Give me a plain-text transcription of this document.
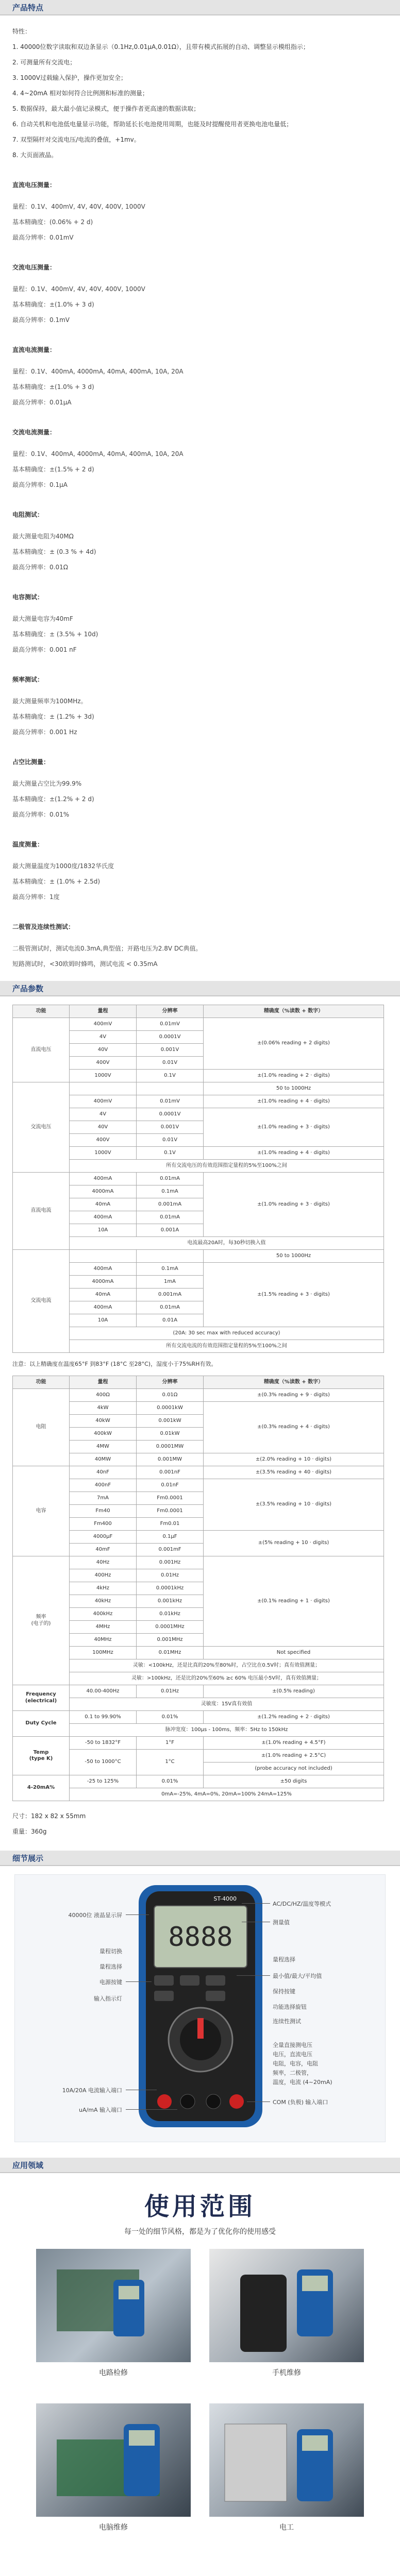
产品特点
特性：
1. 40000位数字读取和双边条显示（0.1Hz,0.01μA,0.01Ω），且带有模式拓展的自动、调整显示模组指示；
2. 可测量所有交流电；
3. 1000V过载输入保护，操作更加安全；
4. 4~20mA 相对如何符合比例测和标准的测量；
5. 数据保持，最大最小值记录模式，便于操作者更高速的数据读取；
6. 自动关机和电池低电量显示功能，帮助延长长电池使用周期，也能及时提醒使用者更换电池电量低；
7. 双型隔杆对交流电压/电流的叠值，+1mv。
8. 大页面液晶。
直流电压测量：
量程：0.1V、400mV, 4V, 40V, 400V, 1000V
基本精确度：(0.06% + 2 d)
最高分辨率：0.01mV
交流电压测量：
量程：0.1V、400mV, 4V, 40V, 400V, 1000V
基本精确度：±(1.0% + 3 d)
最高分辨率：0.1mV
直流电流测量：
量程：0.1V、400mA, 4000mA, 40mA, 400mA, 10A, 20A
基本精确度：±(1.0% + 3 d)
最高分辨率：0.01μA
交流电流测量：
量程：0.1V、400mA, 4000mA, 40mA, 400mA, 10A, 20A
基本精确度：±(1.5% + 2 d)
最高分辨率：0.1μA
电阻测试：
最大测量电阻为40MΩ
基本精确度：± (0.3 % + 4d)
最高分辨率：0.01Ω
电容测试：
最大测量电容为40mF
基本精确度：± (3.5% + 10d)
最高分辨率：0.001 nF
频率测试：
最大测量频率为100MHz。
基本精确度：± (1.2% + 3d)
最高分辨率：0.001 Hz
占空比测量：
最大测量占空比为99.9%
基本精确度：±(1.2% + 2 d)
最高分辨率：0.01%
温度测量：
最大测量温度为1000度/1832华氏度
基本精确度：± (1.0% + 2.5d)
最高分辨率：1度
二极管及连续性测试：
二极管测试时，测试电流0.3mA,典型值；开路电压为2.8V DC典值。
短路测试时，<30欧姆时蜂鸣，测试电流 < 0.35mA
产品参数
功能	量程	分辨率	精确度（%读数 + 数字）
直流电压	400mV	0.01mV	±(0.06% reading + 2 digits)
	4V	0.0001V	
	40V	0.001V	
	400V	0.01V	
	1000V	0.1V	±(1.0% reading + 2 · digits)
交流电压			50 to 1000Hz
	400mV	0.01mV	±(1.0% reading + 4 · digits)
	4V	0.0001V	±(1.0% reading + 3 · digits)
	40V	0.001V	
	400V	0.01V	
	1000V	0.1V	±(1.0% reading + 4 · digits)
	所有交流电压的有效范围指定量程的5%至100%之间		
直流电流	400mA	0.01mA	±(1.0% reading + 3 · digits)
	4000mA	0.1mA	
	40mA	0.001mA	
	400mA	0.01mA	
	10A	0.001A	
	电流最高20A时，每30秒切换入值		
交流电流			50 to 1000Hz
	400mA	0.1mA	±(1.5% reading + 3 · digits)
	4000mA	1mA	
	40mA	0.001mA	
	400mA	0.01mA	
	10A	0.01A	
	(20A: 30 sec max with reduced accuracy)		
	所有交流电流的有效范围指定量程的5%至100%之间		
注意：以上精确度在温度65°F 到83°F (18°C 至28°C)，湿度小于75%RH有效。
功能	量程	分辨率	精确度（%读数 + 数字）
电阻	400Ω	0.01Ω	±(0.3% reading + 9 · digits)
	4kW	0.0001kW	±(0.3% reading + 4 · digits)
	40kW	0.001kW	
	400kW	0.01kW	
	4MW	0.0001MW	
	40MW	0.001MW	±(2.0% reading + 10 · digits)
电容	40nF	0.001nF	±(3.5% reading + 40 · digits)
	400nF	0.01nF	±(3.5% reading + 10 · digits)
	7mA	Fm0.0001	
	Fm40	Fm0.0001	
	Fm400	Fm0.01	
	4000μF	0.1μF	±(5% reading + 10 · digits)
	40mF	0.001mF	
频率
(电子的)	40Hz	0.001Hz	±(0.1% reading + 1 · digits)
	400Hz	0.01Hz	
	4kHz	0.0001kHz	
	40kHz	0.001kHz	
	400kHz	0.01kHz	
	4MHz	0.0001MHz	
	40MHz	0.001MHz	
	100MHz	0.01MHz	Not specified
	灵敏：<100kHz，还是比真的20%至80%时，占空比在0.5V时；真有效值测量；		
	灵敏：>100kHz，还是比的20%至60% ≥c 60% 电压最小5V时，真有效值测量；		
Frequency
(electrical)	40.00-400Hz	0.01Hz	±(0.5% reading)
	灵敏度：15V真有效值		
Duty Cycle	0.1 to 99.90%	0.01%	±(1.2% reading + 2 · digits)
	脉冲宽度：100μs - 100ms，频率：5Hz to 150kHz		
Temp
(type K)	-50 to 1832°F	1°F	±(1.0% reading + 4.5°F)
	-50 to 1000°C	1°C	±(1.0% reading + 2.5°C)
			(probe accuracy not included)
4-20mA%	-25 to 125%	0.01%	±50 digits
	0mA=-25%, 4mA=0%, 20mA=100% 24mA=125%		
尺寸：182 x 82 x 55mm
重量：360g
细节展示
8888
ST-4000
AC/DC/HZ/温度等模式
测量值
量程选择
最小值/最大/平均值
保持按键
功能选择旋钮
连续性测试
全量直接测电压
电压，直流电压
电阻，电容，电阻
频率，二极管，
温度，电流 (4~20mA)
COM (负极) 输入端口
40000位 液晶显示屏
量程切换
量程选择
电源按键
输入指示灯
10A/20A 电流输入端口
uA/mA 输入端口
应用领域
使用范围
每一处的细节风格，都是为了优化你的使用感受
电路检修	手机维修
电脑维修	电工
